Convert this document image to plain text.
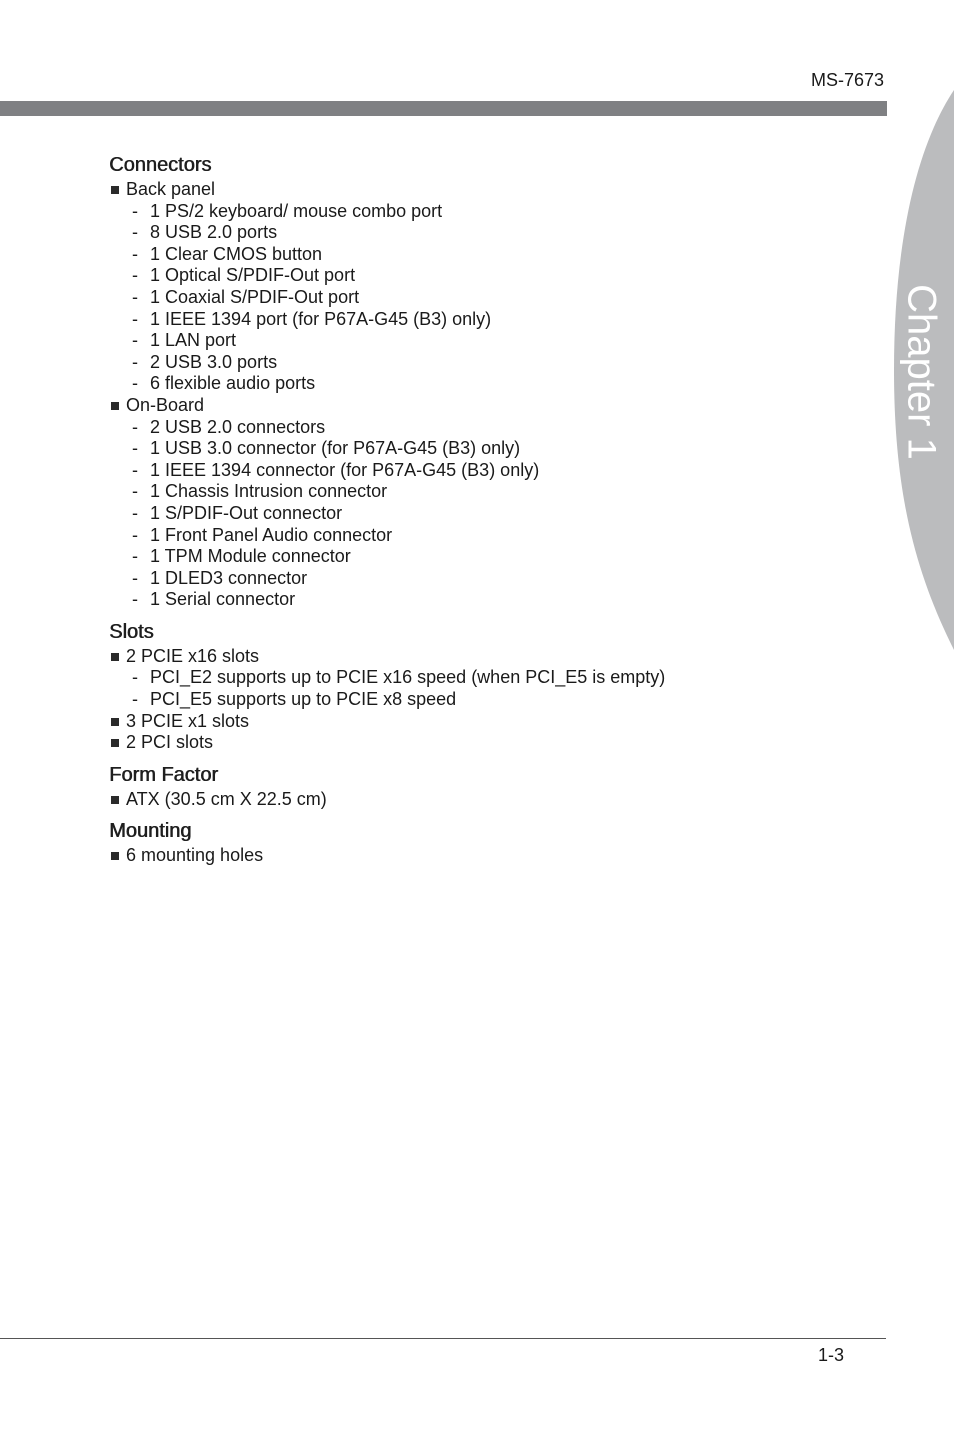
MS-7673
Chapter 1
Connectors
Back panel
- 1 PS/2 keyboard/ mouse combo port
- 8 USB 2.0 ports
- 1 Clear CMOS button
- 1 Optical S/PDIF-Out port
- 1 Coaxial S/PDIF-Out port
- 1 IEEE 1394 port (for P67A-G45 (B3) only)
- 1 LAN port
- 2 USB 3.0 ports
- 6 flexible audio ports
On-Board
- 2 USB 2.0 connectors
- 1 USB 3.0 connector (for P67A-G45 (B3) only)
- 1 IEEE 1394 connector (for P67A-G45 (B3) only)
- 1 Chassis Intrusion connector
- 1 S/PDIF-Out connector
- 1 Front Panel Audio connector
- 1 TPM Module connector
- 1 DLED3 connector
- 1 Serial connector
Slots
2 PCIE x16 slots
- PCI_E2 supports up to PCIE x16 speed (when PCI_E5 is empty)
- PCI_E5 supports up to PCIE x8 speed
3 PCIE x1 slots
2 PCI slots
Form Factor
ATX (30.5 cm X 22.5 cm)
Mounting
6 mounting holes
1-3
